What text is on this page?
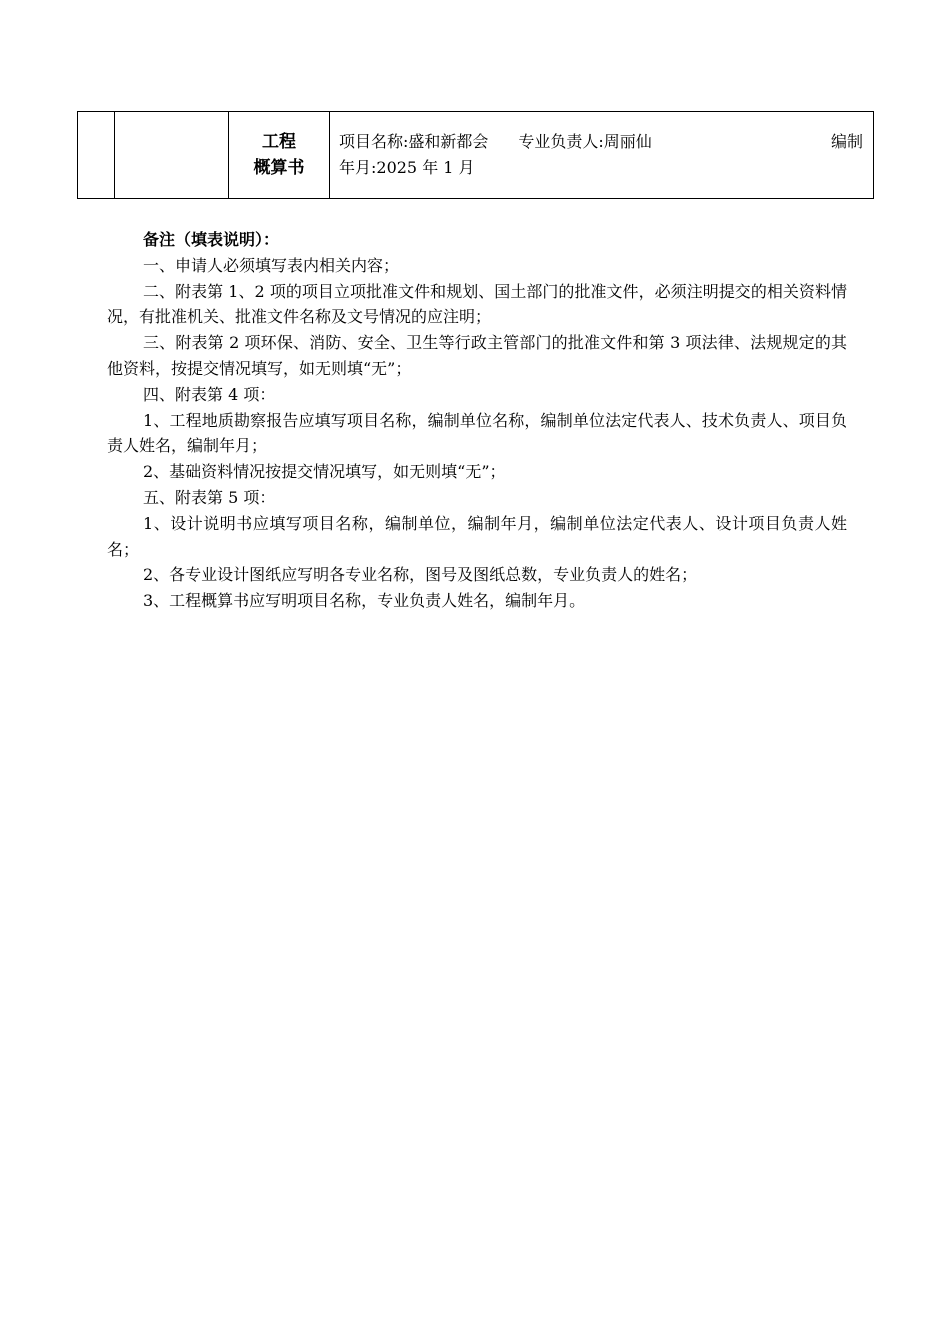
工程
概算书

项目名称:盛和新都会 专业负责人:周丽仙	编制
年月:2025 年 1 月

备注（填表说明）：

一、申请人必须填写表内相关内容；

二、附表第 1、2 项的项目立项批准文件和规划、国土部门的批准文件，必须注明提交的相关资料情况，有批准机关、批准文件名称及文号情况的应注明；

三、附表第 2 项环保、消防、安全、卫生等行政主管部门的批准文件和第 3 项法律、法规规定的其他资料，按提交情况填写，如无则填“无”；

四、附表第 4 项：

1、工程地质勘察报告应填写项目名称，编制单位名称，编制单位法定代表人、技术负责人、项目负责人姓名，编制年月；

2、基础资料情况按提交情况填写，如无则填“无”；

五、附表第 5 项：

1、设计说明书应填写项目名称，编制单位，编制年月，编制单位法定代表人、设计项目负责人姓名；

2、各专业设计图纸应写明各专业名称，图号及图纸总数，专业负责人的姓名；

3、工程概算书应写明项目名称，专业负责人姓名，编制年月。
